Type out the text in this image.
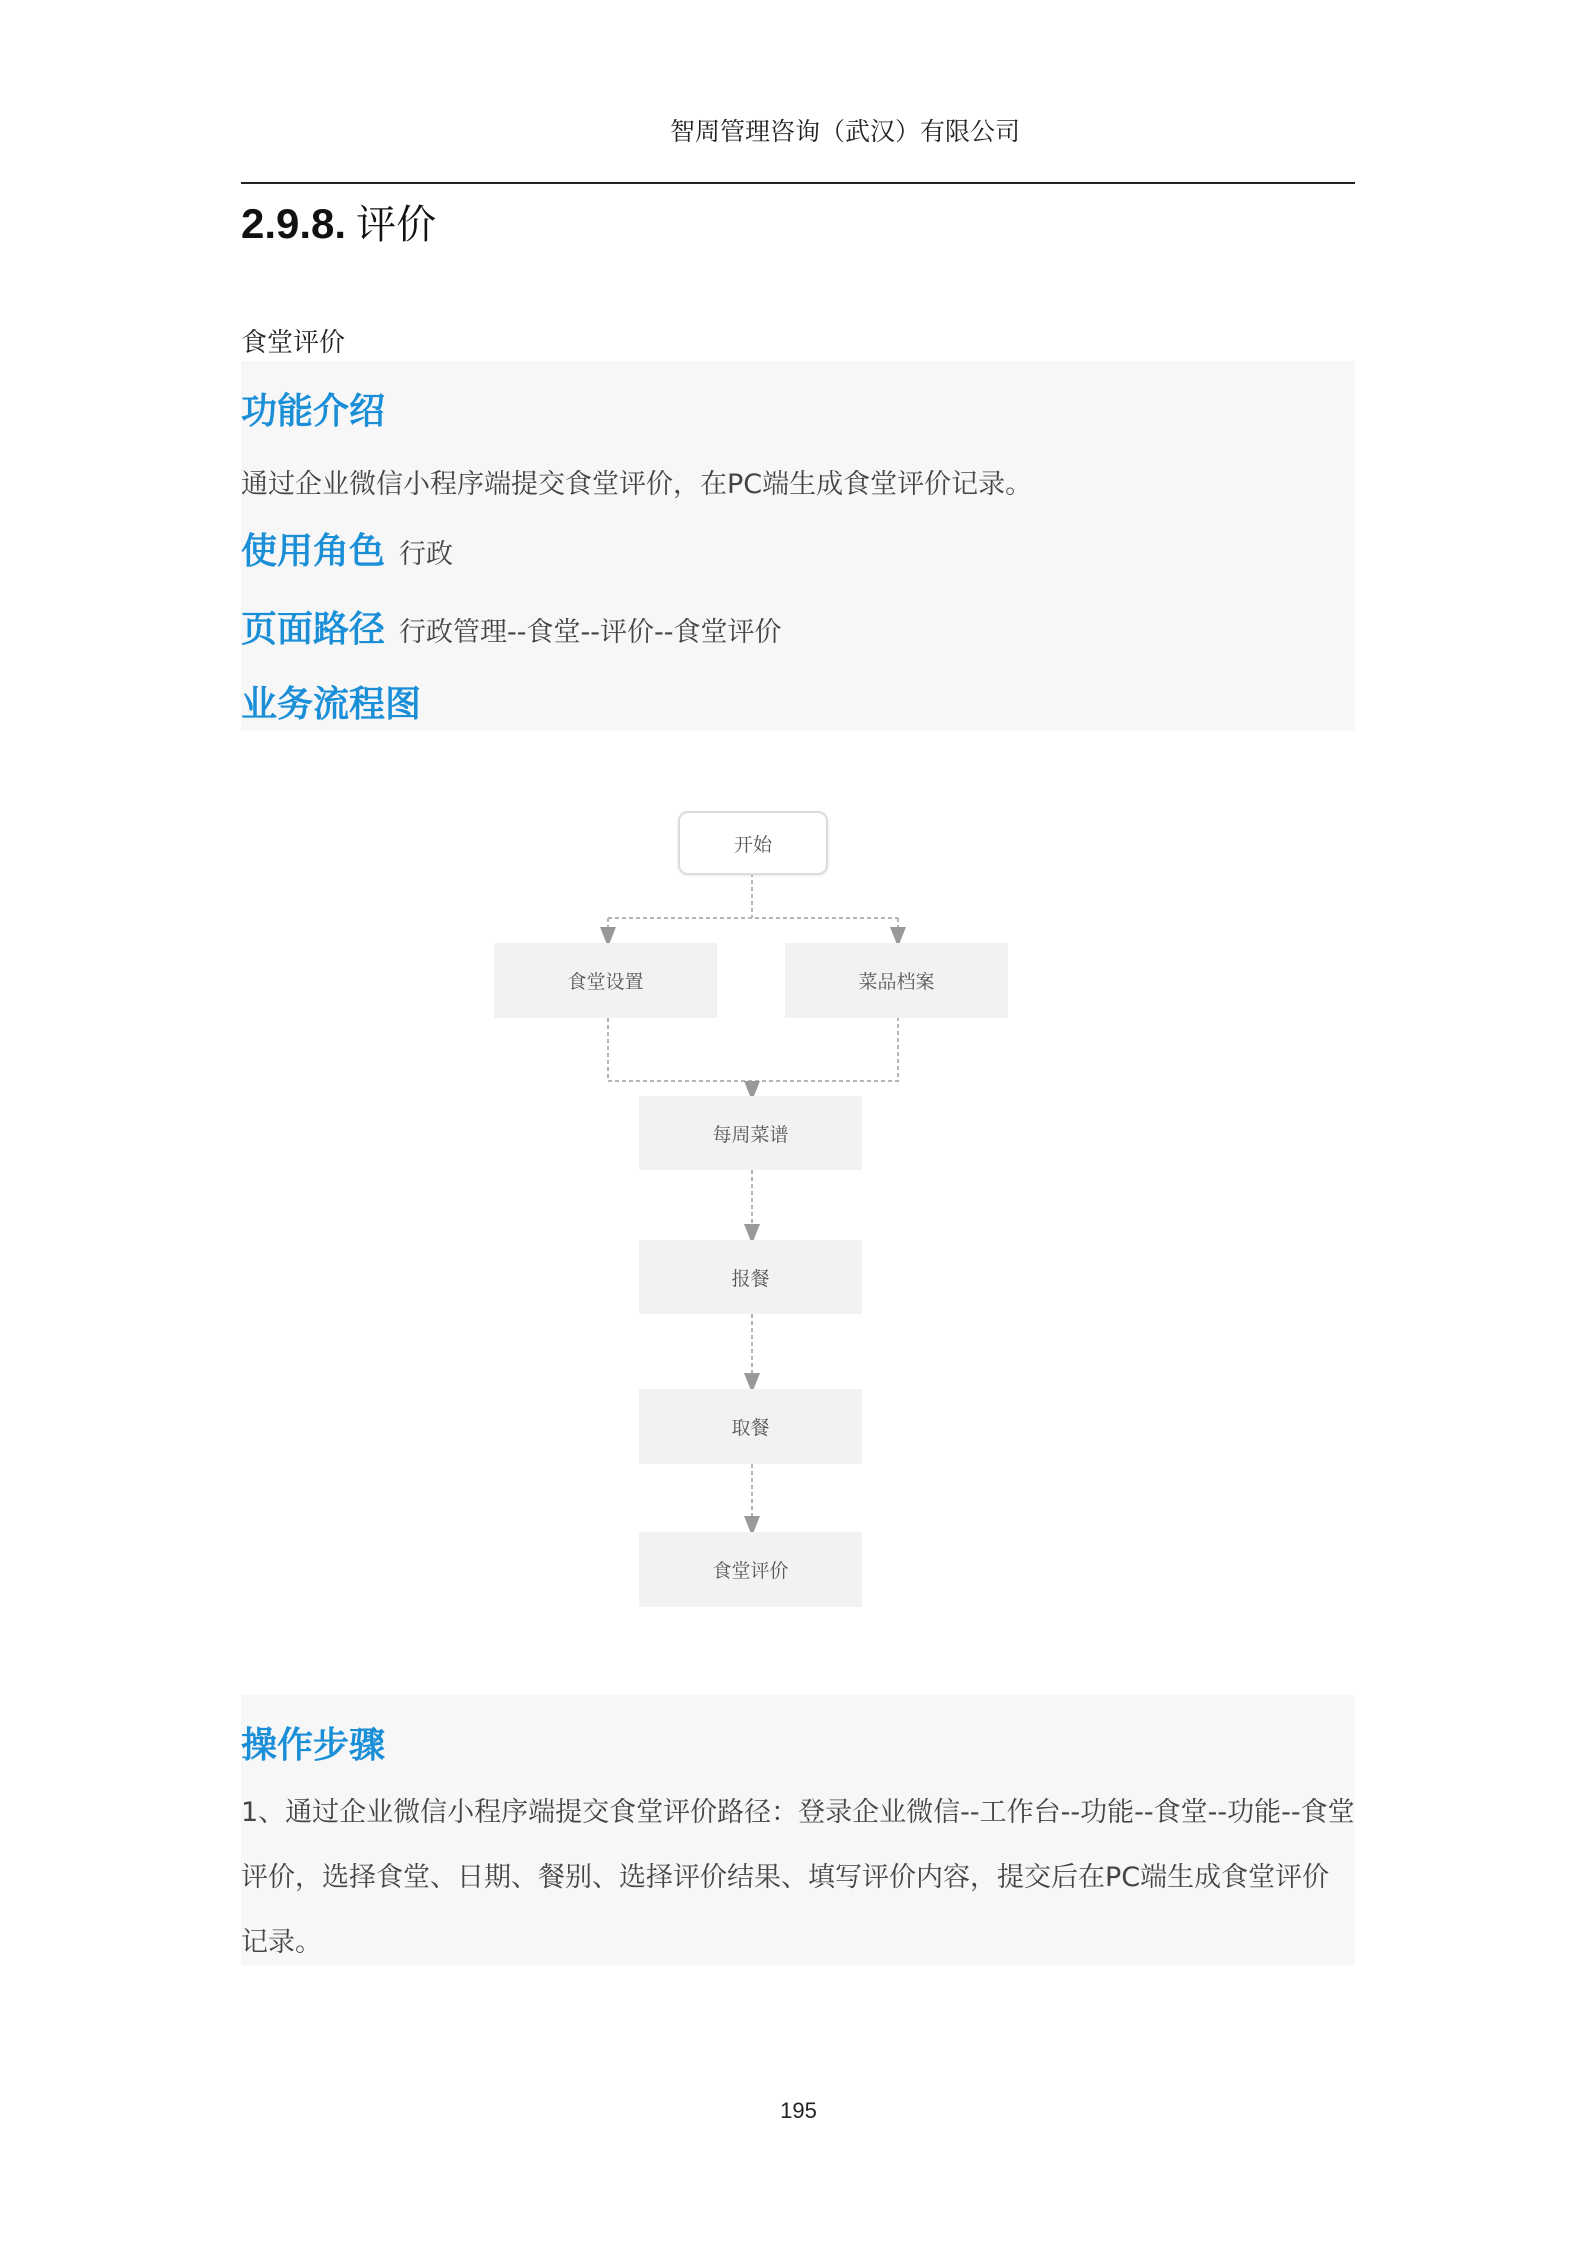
智周管理咨询（武汉）有限公司
2.9.8. 评价
食堂评价
功能介绍
通过企业微信小程序端提交食堂评价，在PC端生成食堂评价记录。
使用角色 行政
页面路径 行政管理--食堂--评价--食堂评价
业务流程图
开始
食堂设置	菜品档案
每周菜谱
报餐
取餐
食堂评价
操作步骤
1、通过企业微信小程序端提交食堂评价路径：登录企业微信--工作台--功能--食堂--功能--食堂评价，选择食堂、日期、餐别、选择评价结果、填写评价内容，提交后在PC端生成食堂评价记录。
195
